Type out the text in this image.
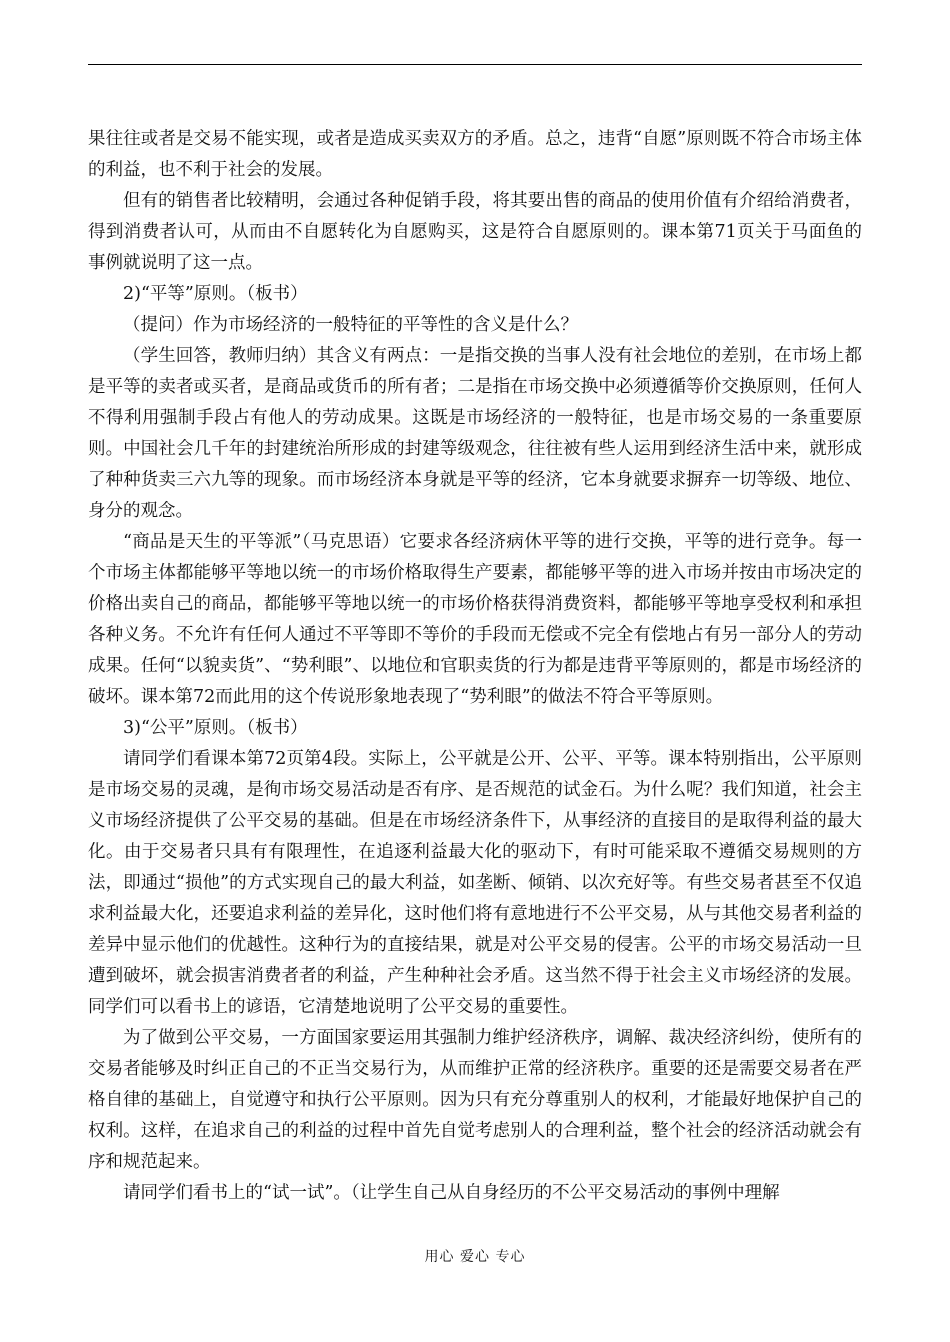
果往往或者是交易不能实现，或者是造成买卖双方的矛盾。总之，违背“自愿”原则既不符合市场主体的利益，也不利于社会的发展。

但有的销售者比较精明，会通过各种促销手段，将其要出售的商品的使用价值有介绍给消费者，得到消费者认可，从而由不自愿转化为自愿购买，这是符合自愿原则的。课本第71页关于马面鱼的事例就说明了这一点。

2)“平等”原则。（板书）

（提问）作为市场经济的一般特征的平等性的含义是什么？

（学生回答，教师归纳）其含义有两点：一是指交换的当事人没有社会地位的差别，在市场上都是平等的卖者或买者，是商品或货币的所有者；二是指在市场交换中必须遵循等价交换原则，任何人不得利用强制手段占有他人的劳动成果。这既是市场经济的一般特征，也是市场交易的一条重要原则。中国社会几千年的封建统治所形成的封建等级观念，往往被有些人运用到经济生活中来，就形成了种种货卖三六九等的现象。而市场经济本身就是平等的经济，它本身就要求摒弃一切等级、地位、身分的观念。

“商品是天生的平等派”（马克思语）它要求各经济病休平等的进行交换，平等的进行竞争。每一个市场主体都能够平等地以统一的市场价格取得生产要素，都能够平等的进入市场并按由市场决定的价格出卖自己的商品，都能够平等地以统一的市场价格获得消费资料，都能够平等地享受权利和承担各种义务。不允许有任何人通过不平等即不等价的手段而无偿或不完全有偿地占有另一部分人的劳动成果。任何“以貌卖货”、“势利眼”、以地位和官职卖货的行为都是违背平等原则的，都是市场经济的破坏。课本第72而此用的这个传说形象地表现了“势利眼”的做法不符合平等原则。

3)“公平”原则。（板书）

请同学们看课本第72页第4段。实际上，公平就是公开、公平、平等。课本特别指出，公平原则是市场交易的灵魂，是徇市场交易活动是否有序、是否规范的试金石。为什么呢？我们知道，社会主义市场经济提供了公平交易的基础。但是在市场经济条件下，从事经济的直接目的是取得利益的最大化。由于交易者只具有有限理性，在追逐利益最大化的驱动下，有时可能采取不遵循交易规则的方法，即通过“损他”的方式实现自己的最大利益，如垄断、倾销、以次充好等。有些交易者甚至不仅追求利益最大化，还要追求利益的差异化，这时他们将有意地进行不公平交易，从与其他交易者利益的差异中显示他们的优越性。这种行为的直接结果，就是对公平交易的侵害。公平的市场交易活动一旦遭到破坏，就会损害消费者者的利益，产生种种社会矛盾。这当然不得于社会主义市场经济的发展。同学们可以看书上的谚语，它清楚地说明了公平交易的重要性。

为了做到公平交易，一方面国家要运用其强制力维护经济秩序，调解、裁决经济纠纷，使所有的交易者能够及时纠正自己的不正当交易行为，从而维护正常的经济秩序。重要的还是需要交易者在严格自律的基础上，自觉遵守和执行公平原则。因为只有充分尊重别人的权利，才能最好地保护自己的权利。这样，在追求自己的利益的过程中首先自觉考虑别人的合理利益，整个社会的经济活动就会有序和规范起来。

请同学们看书上的“试一试”。（让学生自己从自身经历的不公平交易活动的事例中理解

用心 爱心 专心
